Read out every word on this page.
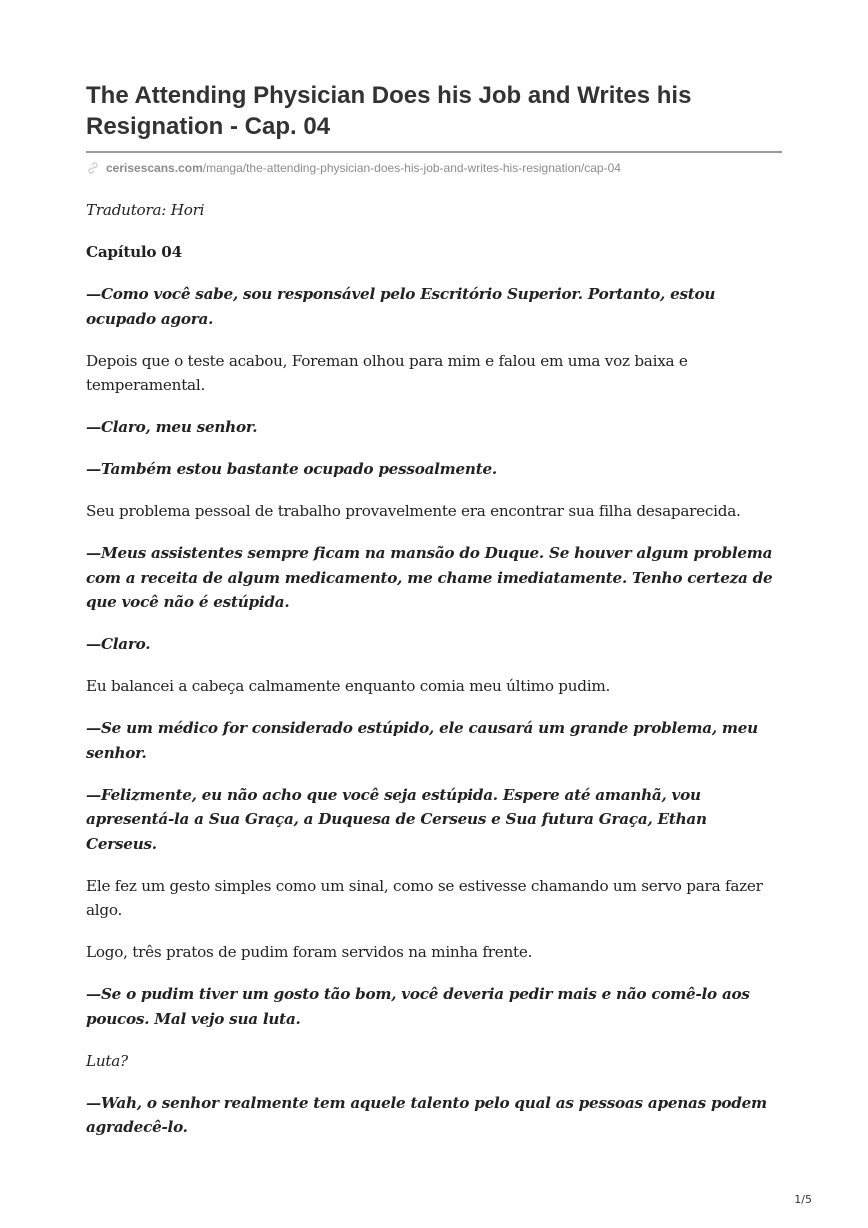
The Attending Physician Does his Job and Writes his Resignation - Cap. 04
cerisescans.com /manga/the-attending-physician-does-his-job-and-writes-his-resignation/cap-04

Tradutora: Hori

Capítulo 04

—Como você sabe, sou responsável pelo Escritório Superior. Portanto, estou ocupado agora.

Depois que o teste acabou, Foreman olhou para mim e falou em uma voz baixa e temperamental.

—Claro, meu senhor.

—Também estou bastante ocupado pessoalmente.

Seu problema pessoal de trabalho provavelmente era encontrar sua filha desaparecida.

—Meus assistentes sempre ficam na mansão do Duque. Se houver algum problema com a receita de algum medicamento, me chame imediatamente. Tenho certeza de que você não é estúpida.

—Claro.

Eu balancei a cabeça calmamente enquanto comia meu último pudim.

—Se um médico for considerado estúpido, ele causará um grande problema, meu senhor.

—Felizmente, eu não acho que você seja estúpida. Espere até amanhã, vou apresentá-la a Sua Graça, a Duquesa de Cerseus e Sua futura Graça, Ethan Cerseus.

Ele fez um gesto simples como um sinal, como se estivesse chamando um servo para fazer algo.

Logo, três pratos de pudim foram servidos na minha frente.

—Se o pudim tiver um gosto tão bom, você deveria pedir mais e não comê-lo aos poucos. Mal vejo sua luta.

Luta?

—Wah, o senhor realmente tem aquele talento pelo qual as pessoas apenas podem agradecê-lo.

1/5
